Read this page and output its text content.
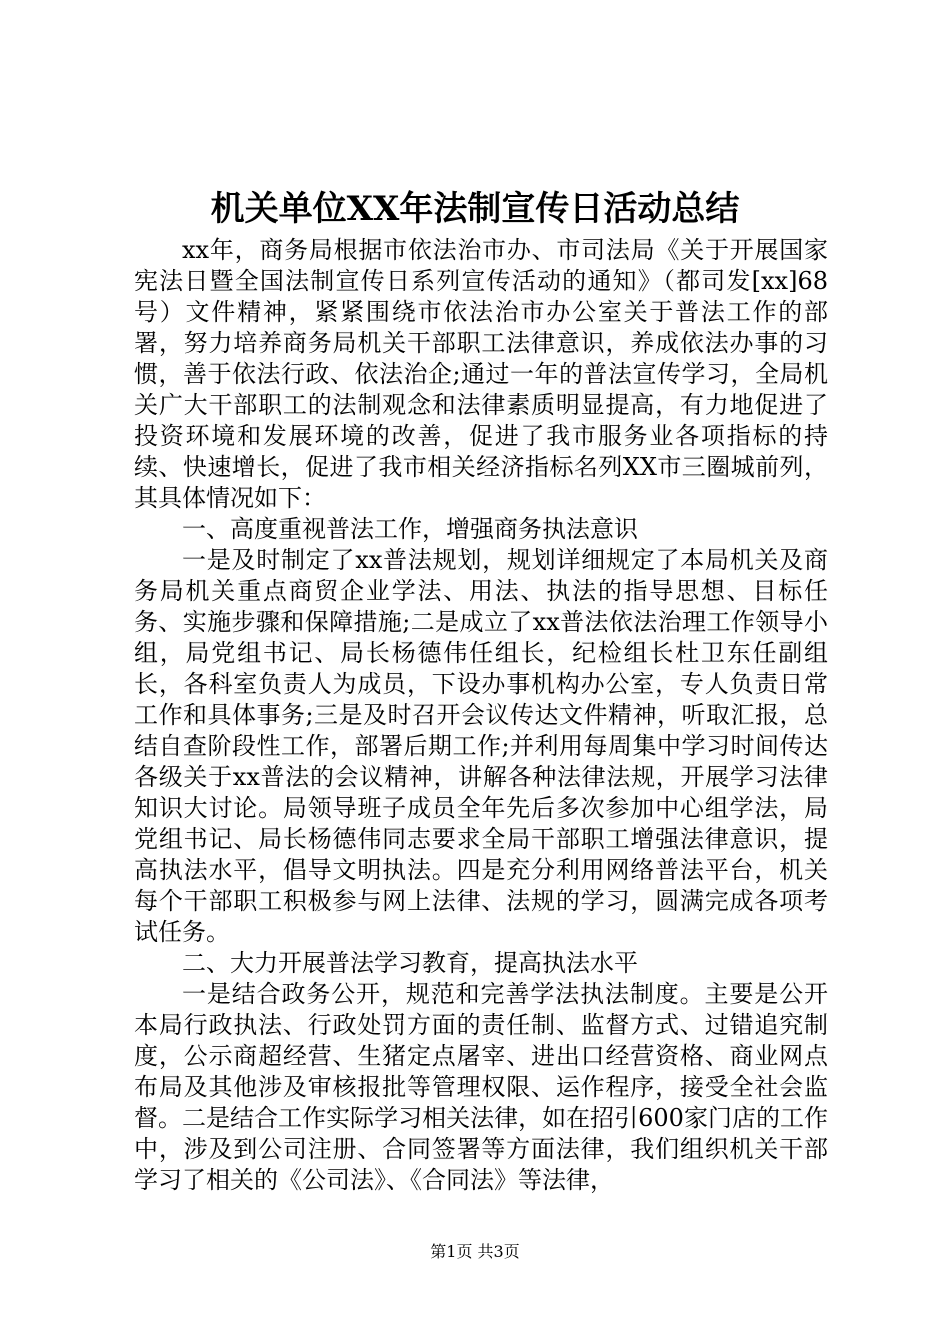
机关单位XX年法制宣传日活动总结

xx年，商务局根据市依法治市办、市司法局《关于开展国家宪法日暨全国法制宣传日系列宣传活动的通知》（都司发[xx]68号）文件精神，紧紧围绕市依法治市办公室关于普法工作的部署，努力培养商务局机关干部职工法律意识，养成依法办事的习惯，善于依法行政、依法治企;通过一年的普法宣传学习，全局机关广大干部职工的法制观念和法律素质明显提高，有力地促进了投资环境和发展环境的改善，促进了我市服务业各项指标的持续、快速增长，促进了我市相关经济指标名列XX市三圈城前列，其具体情况如下：

一、高度重视普法工作，增强商务执法意识

一是及时制定了xx普法规划，规划详细规定了本局机关及商务局机关重点商贸企业学法、用法、执法的指导思想、目标任务、实施步骤和保障措施;二是成立了xx普法依法治理工作领导小组，局党组书记、局长杨德伟任组长，纪检组长杜卫东任副组长，各科室负责人为成员，下设办事机构办公室，专人负责日常工作和具体事务;三是及时召开会议传达文件精神，听取汇报，总结自查阶段性工作，部署后期工作;并利用每周集中学习时间传达各级关于xx普法的会议精神，讲解各种法律法规，开展学习法律知识大讨论。局领导班子成员全年先后多次参加中心组学法，局党组书记、局长杨德伟同志要求全局干部职工增强法律意识，提高执法水平，倡导文明执法。四是充分利用网络普法平台，机关每个干部职工积极参与网上法律、法规的学习，圆满完成各项考试任务。

二、大力开展普法学习教育，提高执法水平

一是结合政务公开，规范和完善学法执法制度。主要是公开本局行政执法、行政处罚方面的责任制、监督方式、过错追究制度，公示商超经营、生猪定点屠宰、进出口经营资格、商业网点布局及其他涉及审核报批等管理权限、运作程序，接受全社会监督。二是结合工作实际学习相关法律，如在招引600家门店的工作中，涉及到公司注册、合同签署等方面法律，我们组织机关干部学习了相关的《公司法》、《合同法》等法律，

第1页 共3页
